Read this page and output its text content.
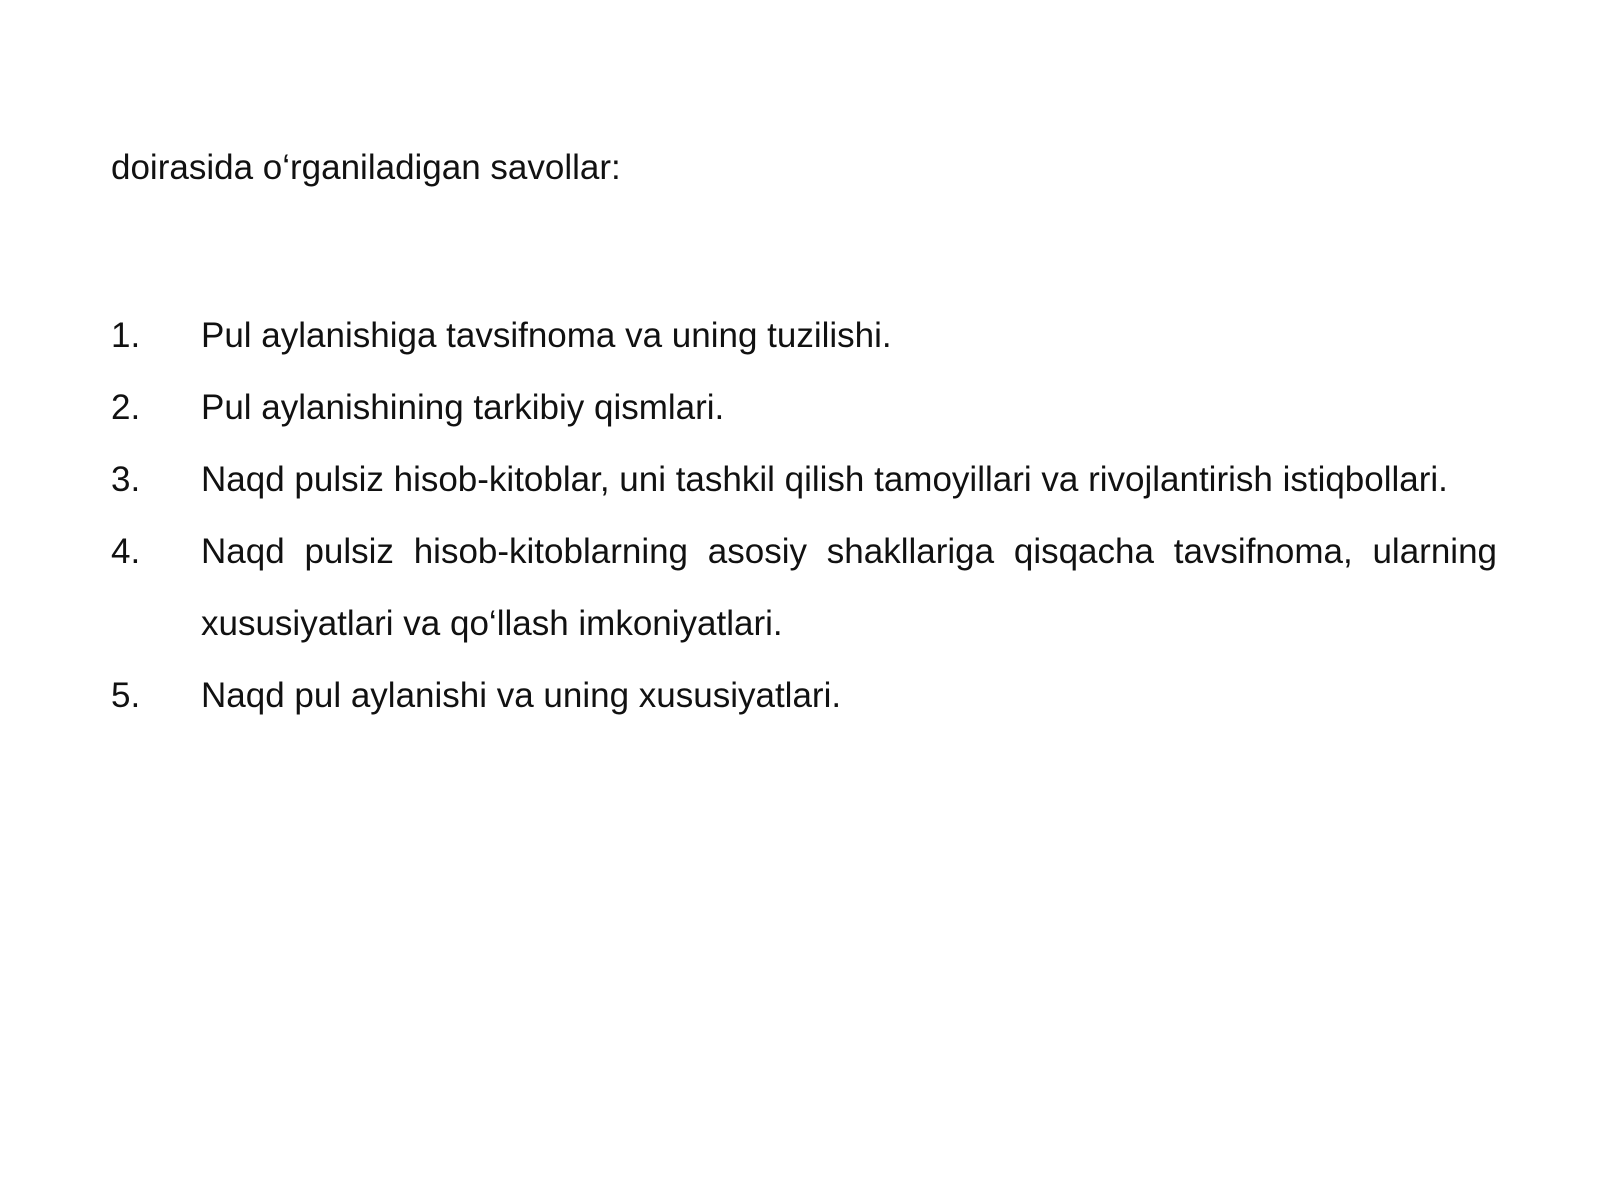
doirasida o‘rganiladigan savollar:

1.	Pul aylanishiga tavsifnoma va uning tuzilishi.
2.	Pul aylanishining tarkibiy qismlari.
3.	Naqd pulsiz hisob-kitoblar, uni tashkil qilish tamoyillari va rivojlantirish istiqbollari.
4.	Naqd pulsiz hisob-kitoblarning asosiy shakllariga qisqacha tavsifnoma, ularning xususiyatlari va qo‘llash imkoniyatlari.
5.	Naqd pul aylanishi va uning xususiyatlari.
